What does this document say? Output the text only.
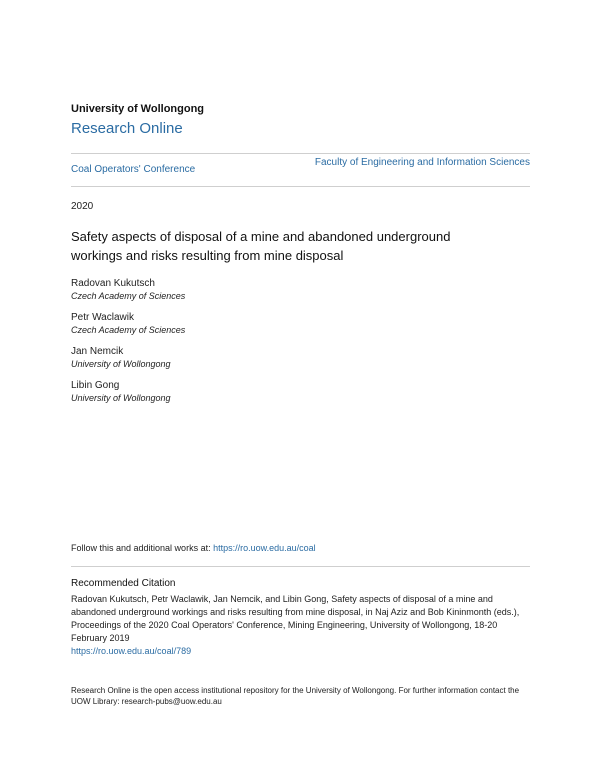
University of Wollongong
Research Online
Coal Operators' Conference
Faculty of Engineering and Information Sciences
2020
Safety aspects of disposal of a mine and abandoned underground workings and risks resulting from mine disposal
Radovan Kukutsch
Czech Academy of Sciences
Petr Waclawik
Czech Academy of Sciences
Jan Nemcik
University of Wollongong
Libin Gong
University of Wollongong
Follow this and additional works at: https://ro.uow.edu.au/coal
Recommended Citation
Radovan Kukutsch, Petr Waclawik, Jan Nemcik, and Libin Gong, Safety aspects of disposal of a mine and abandoned underground workings and risks resulting from mine disposal, in Naj Aziz and Bob Kininmonth (eds.), Proceedings of the 2020 Coal Operators' Conference, Mining Engineering, University of Wollongong, 18-20 February 2019
https://ro.uow.edu.au/coal/789
Research Online is the open access institutional repository for the University of Wollongong. For further information contact the UOW Library: research-pubs@uow.edu.au
